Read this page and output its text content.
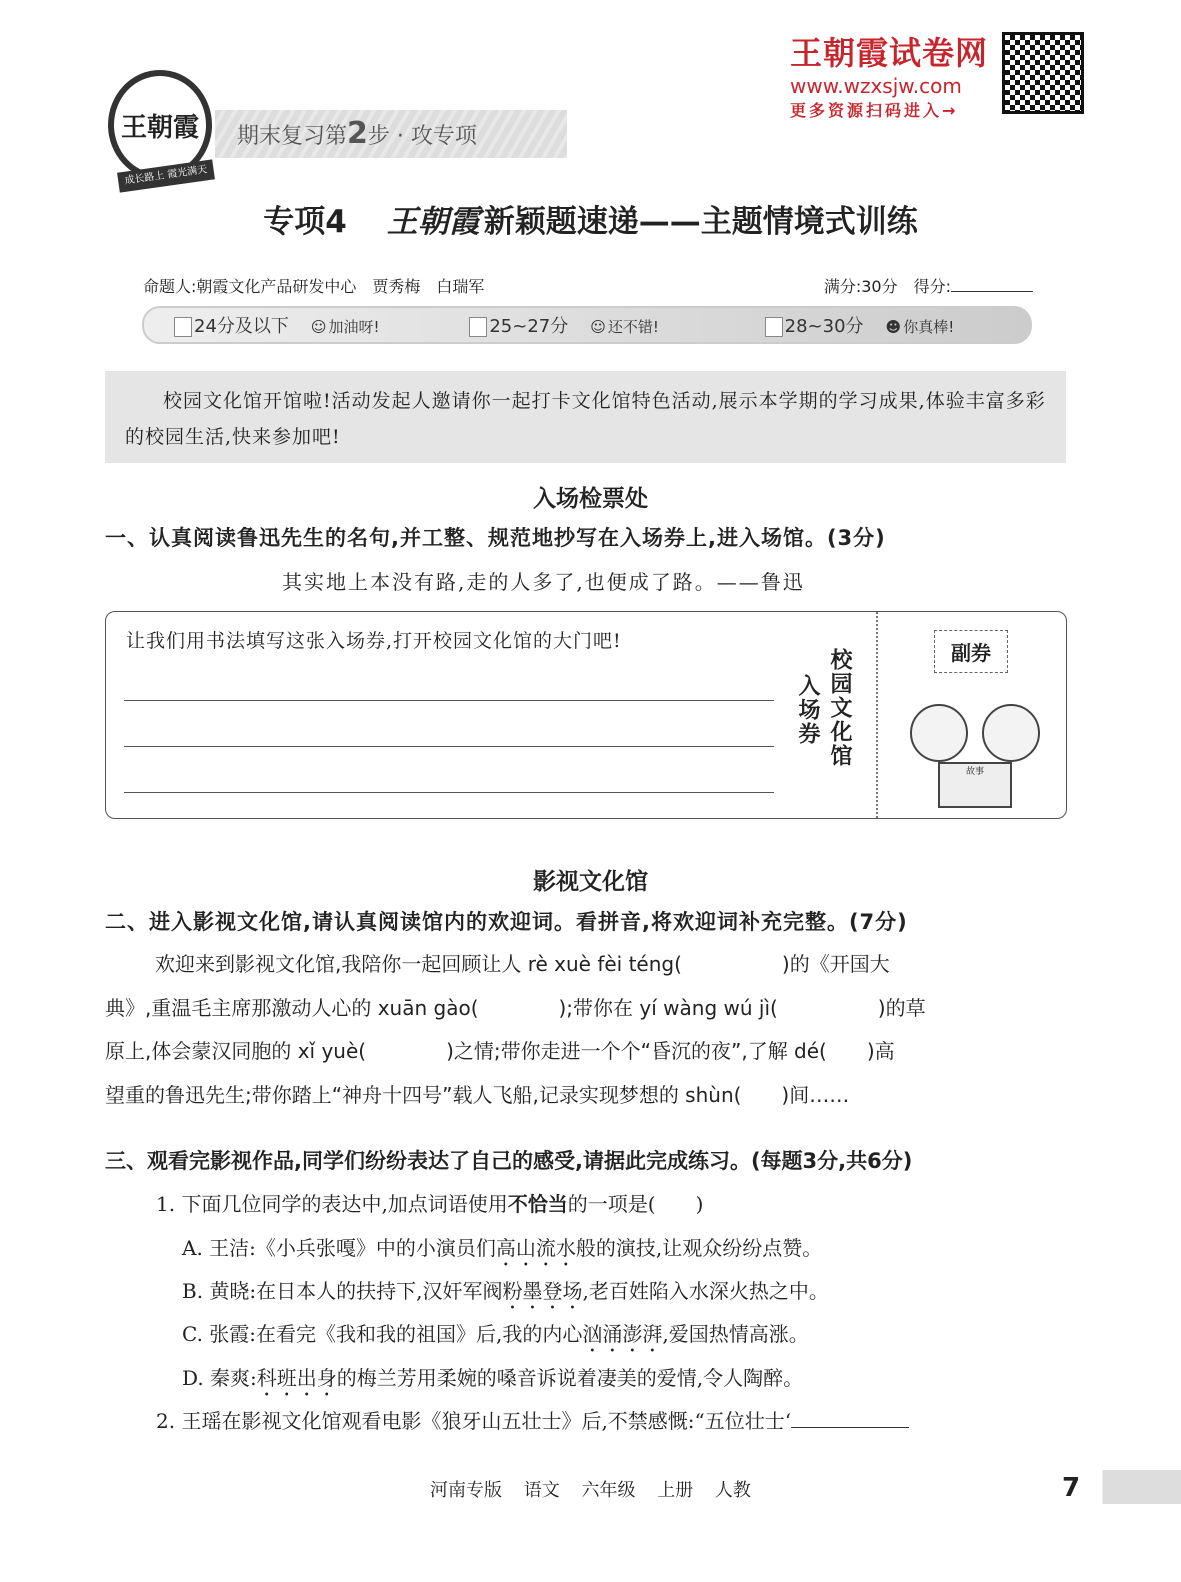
王朝霞
成长路上 霞光满天
期末复习第2步 · 攻专项
王朝霞试卷网
www.wzxsjw.com
更多资源扫码进入→
专项4 王朝霞 新颖题速递——主题情境式训练
命题人:朝霞文化产品研发中心　贾秀梅　白瑞军	满分:30分　 得分:
24分及以下 ☺ 加油呀!	25~27分 ☺ 还不错!	28~30分 ☻ 你真棒!
校园文化馆开馆啦!活动发起人邀请你一起打卡文化馆特色活动,展示本学期的学习成果,体验丰富多彩的校园生活,快来参加吧!
入场检票处
一、认真阅读鲁迅先生的名句,并工整、规范地抄写在入场券上,进入场馆。(3分)
其实地上本没有路,走的人多了,也便成了路。——鲁迅
让我们用书法填写这张入场券,打开校园文化馆的大门吧!
入场券 校园文化馆	副券
故事
影视文化馆
二、进入影视文化馆,请认真阅读馆内的欢迎词。看拼音,将欢迎词补充完整。(7分)
欢迎来到影视文化馆,我陪你一起回顾让人 rè xuè fèi téng(　　　　　)的《开国大
典》,重温毛主席那激动人心的 xuān gào(　　　　);带你在 yí wàng wú jì(　　　　　)的草
原上,体会蒙汉同胞的 xǐ yuè(　　　　)之情;带你走进一个个“昏沉的夜”,了解 dé(　　)高
望重的鲁迅先生;带你踏上“神舟十四号”载人飞船,记录实现梦想的 shùn(　　)间……
三、观看完影视作品,同学们纷纷表达了自己的感受,请据此完成练习。(每题3分,共6分)
1. 下面几位同学的表达中,加点词语使用不恰当的一项是(　　)
A. 王洁:《小兵张嘎》中的小演员们高山流水般的演技,让观众纷纷点赞。
B. 黄晓:在日本人的扶持下,汉奸军阀粉墨登场,老百姓陷入水深火热之中。
C. 张霞:在看完《我和我的祖国》后,我的内心汹涌澎湃,爱国热情高涨。
D. 秦爽:科班出身的梅兰芳用柔婉的嗓音诉说着凄美的爱情,令人陶醉。
2. 王瑶在影视文化馆观看电影《狼牙山五壮士》后,不禁感慨:“五位壮士‘
河南专版 语文 六年级 上册 人教	7
